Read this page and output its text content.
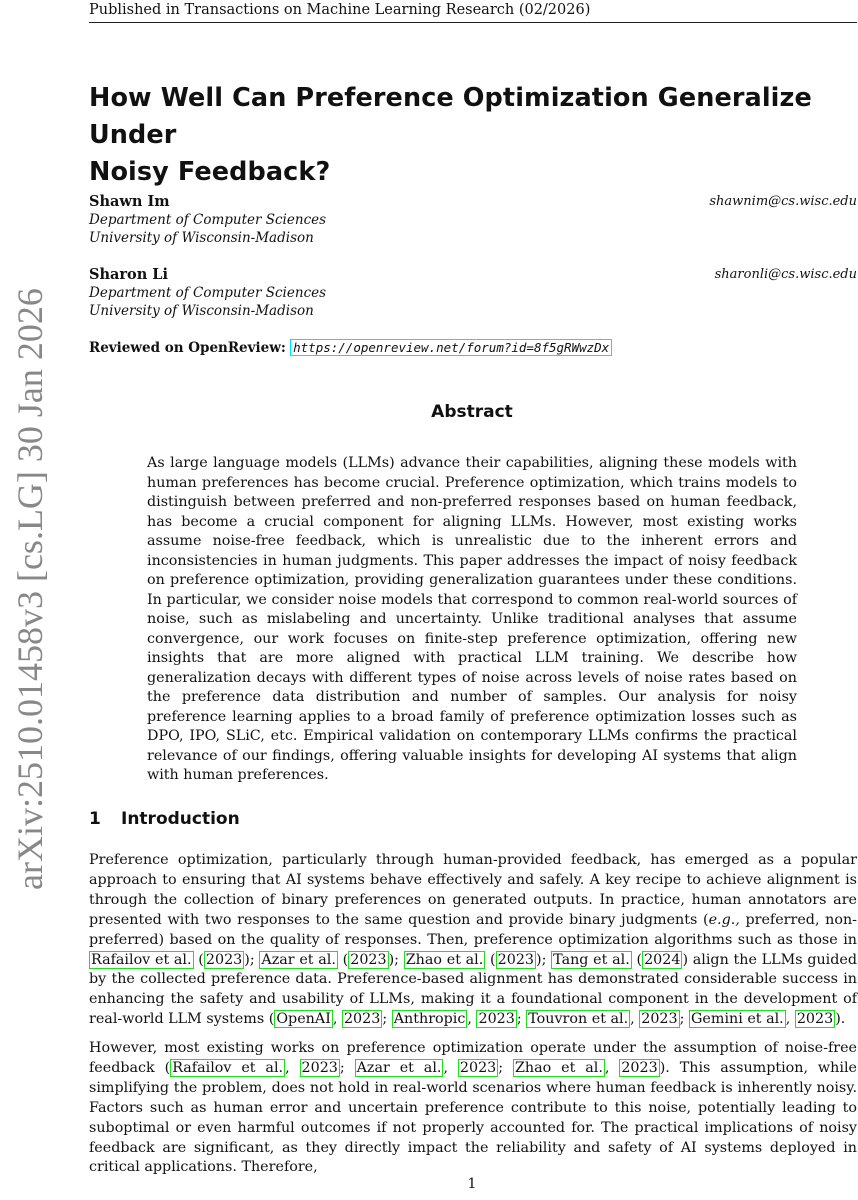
Published in Transactions on Machine Learning Research (02/2026)
How Well Can Preference Optimization Generalize Under
Noisy Feedback?
Shawn Im	shawnim@cs.wisc.edu
Department of Computer Sciences
University of Wisconsin-Madison
Sharon Li	sharonli@cs.wisc.edu
Department of Computer Sciences
University of Wisconsin-Madison
Reviewed on OpenReview: https://openreview.net/forum?id=8f5gRWwzDx
arXiv:2510.01458v3 [cs.LG] 30 Jan 2026	Abstract
As large language models (LLMs) advance their capabilities, aligning these models with human preferences has become crucial. Preference optimization, which trains models to distinguish between preferred and non-preferred responses based on human feedback, has become a crucial component for aligning LLMs. However, most existing works assume noise-free feedback, which is unrealistic due to the inherent errors and inconsistencies in human judgments. This paper addresses the impact of noisy feedback on preference optimization, providing generalization guarantees under these conditions. In particular, we consider noise models that correspond to common real-world sources of noise, such as mislabeling and uncertainty. Unlike traditional analyses that assume convergence, our work focuses on finite-step preference optimization, offering new insights that are more aligned with practical LLM training. We describe how generalization decays with different types of noise across levels of noise rates based on the preference data distribution and number of samples. Our analysis for noisy preference learning applies to a broad family of preference optimization losses such as DPO, IPO, SLiC, etc. Empirical validation on contemporary LLMs confirms the practical relevance of our findings, offering valuable insights for developing AI systems that align with human preferences.
1 Introduction
Preference optimization, particularly through human-provided feedback, has emerged as a popular approach to ensuring that AI systems behave effectively and safely. A key recipe to achieve alignment is through the collection of binary preferences on generated outputs. In practice, human annotators are presented with two responses to the same question and provide binary judgments (e.g., preferred, non-preferred) based on the quality of responses. Then, preference optimization algorithms such as those in Rafailov et al. ( 2023 ); Azar et al. ( 2023 ); Zhao et al. ( 2023 ); Tang et al. ( 2024 ) align the LLMs guided by the collected preference data. Preference-based alignment has demonstrated considerable success in enhancing the safety and usability of LLMs, making it a foundational component in the development of real-world LLM systems ( OpenAI , 2023 ; Anthropic , 2023 ; Touvron et al. , 2023 ; Gemini et al. , 2023 ).
However, most existing works on preference optimization operate under the assumption of noise-free feedback ( Rafailov et al. , 2023 ; Azar et al. , 2023 ; Zhao et al. , 2023 ). This assumption, while simplifying the problem, does not hold in real-world scenarios where human feedback is inherently noisy. Factors such as human error and uncertain preference contribute to this noise, potentially leading to suboptimal or even harmful outcomes if not properly accounted for. The practical implications of noisy feedback are significant, as they directly impact the reliability and safety of AI systems deployed in critical applications. Therefore,
1
